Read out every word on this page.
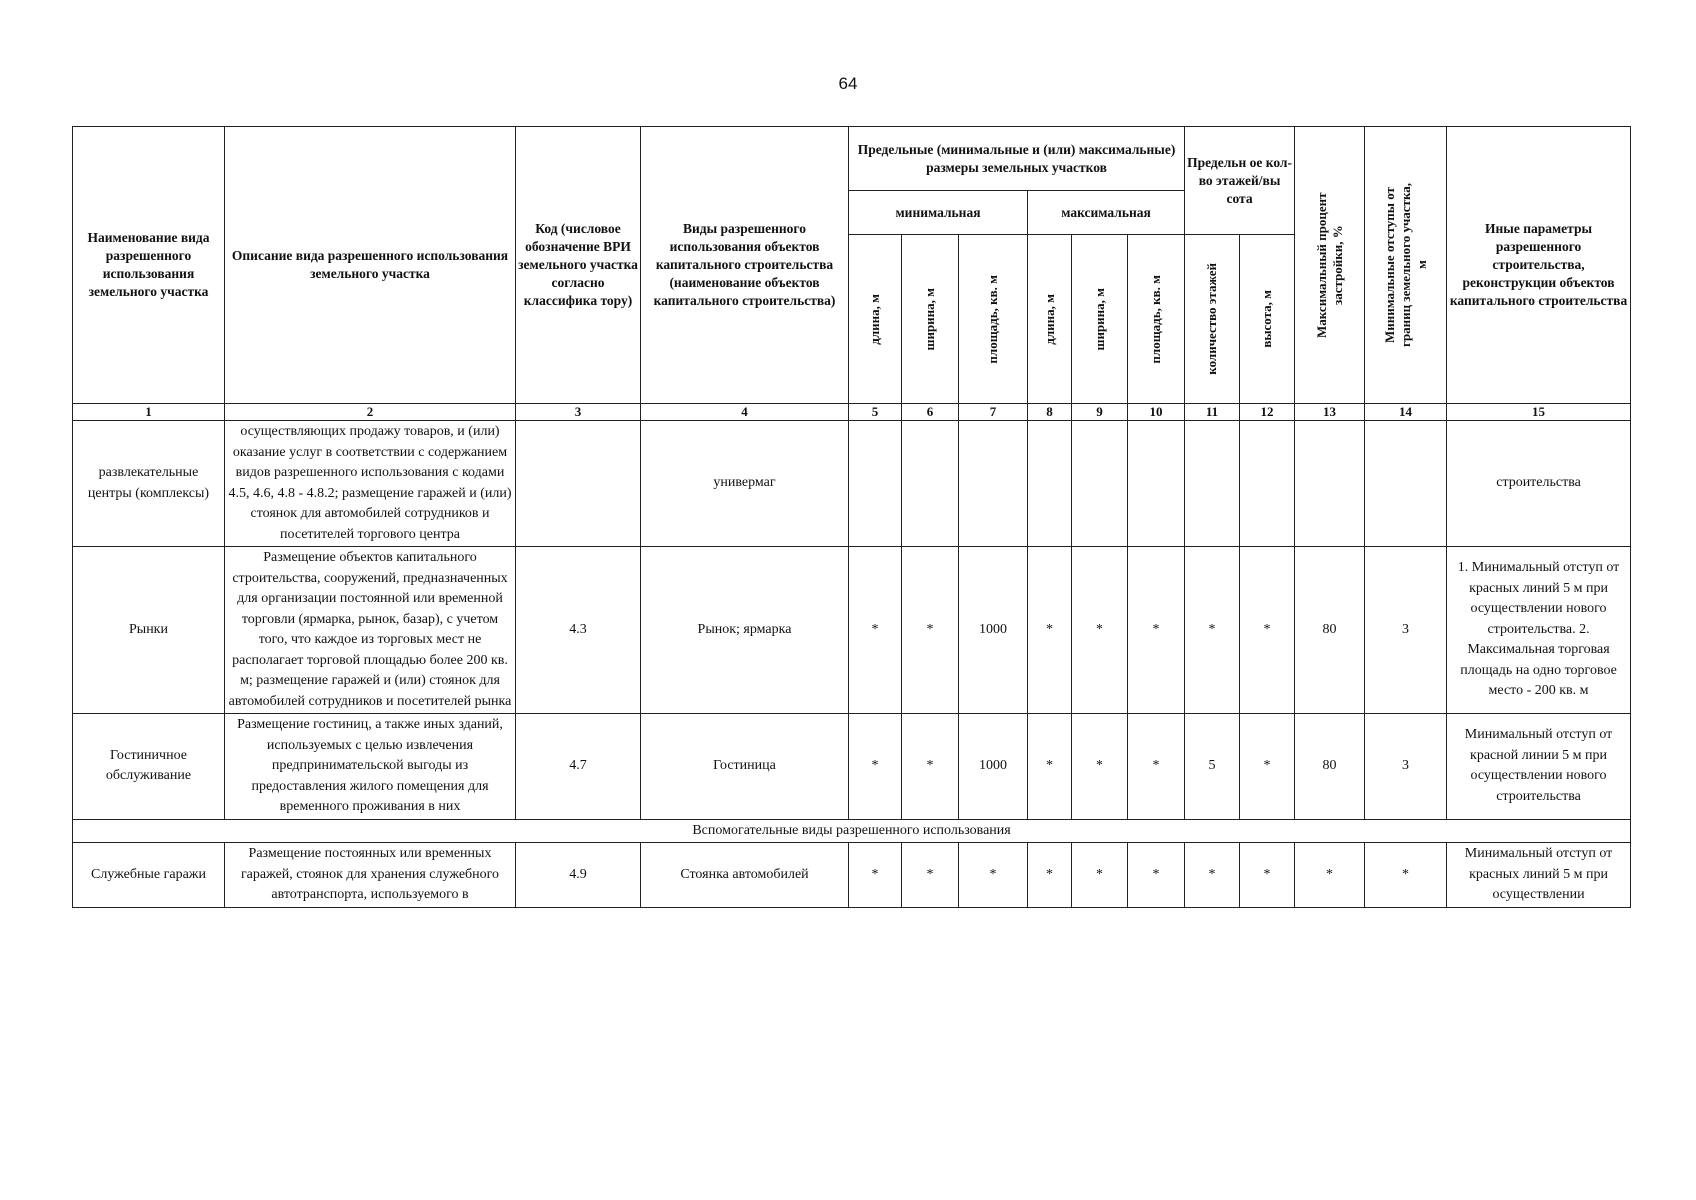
64
Наименование вида разрешенного использования земельного участка	Описание вида разрешенного использования земельного участка	Код (числовое обозначение ВРИ земельного участка согласно классифика тору)	Виды разрешенного использования объектов капитального строительства (наименование объектов капитального строительства)	Предельные (минимальные и (или) максимальные) размеры земельных участков						Предельн ое кол-во этажей/вы сота		Максимальный процент застройки, %	Минимальные отступы от границ земельного участка, м	Иные параметры разрешенного строительства, реконструкции объектов капитального строительства
				минимальная			максимальная							

				длина, м	ширина, м	площадь, кв. м	длина, м	ширина, м	площадь, кв. м	количество этажей	высота, м			

1	2	3	4	5	6	7	8	9	10	11	12	13	14	15
развлекательные центры (комплексы)	осуществляющих продажу товаров, и (или) оказание услуг в соответствии с содержанием видов разрешенного использования с кодами 4.5, 4.6, 4.8 - 4.8.2; размещение гаражей и (или) стоянок для автомобилей сотрудников и посетителей торгового центра		универмаг											строительства
Рынки	Размещение объектов капитального строительства, сооружений, предназначенных для организации постоянной или временной торговли (ярмарка, рынок, базар), с учетом того, что каждое из торговых мест не располагает торговой площадью более 200 кв. м; размещение гаражей и (или) стоянок для автомобилей сотрудников и посетителей рынка	4.3	Рынок; ярмарка	*	*	1000	*	*	*	*	*	80	3	1. Минимальный отступ от красных линий 5 м при осуществлении нового строительства. 2. Максимальная торговая площадь на одно торговое место - 200 кв. м
Гостиничное обслуживание	Размещение гостиниц, а также иных зданий, используемых с целью извлечения предпринимательской выгоды из предоставления жилого помещения для временного проживания в них	4.7	Гостиница	*	*	1000	*	*	*	5	*	80	3	Минимальный отступ от красной линии 5 м при осуществлении нового строительства
Вспомогательные виды разрешенного использования														
Служебные гаражи	Размещение постоянных или временных гаражей, стоянок для хранения служебного автотранспорта, используемого в	4.9	Стоянка автомобилей	*	*	*	*	*	*	*	*	*	*	Минимальный отступ от красных линий 5 м при осуществлении
